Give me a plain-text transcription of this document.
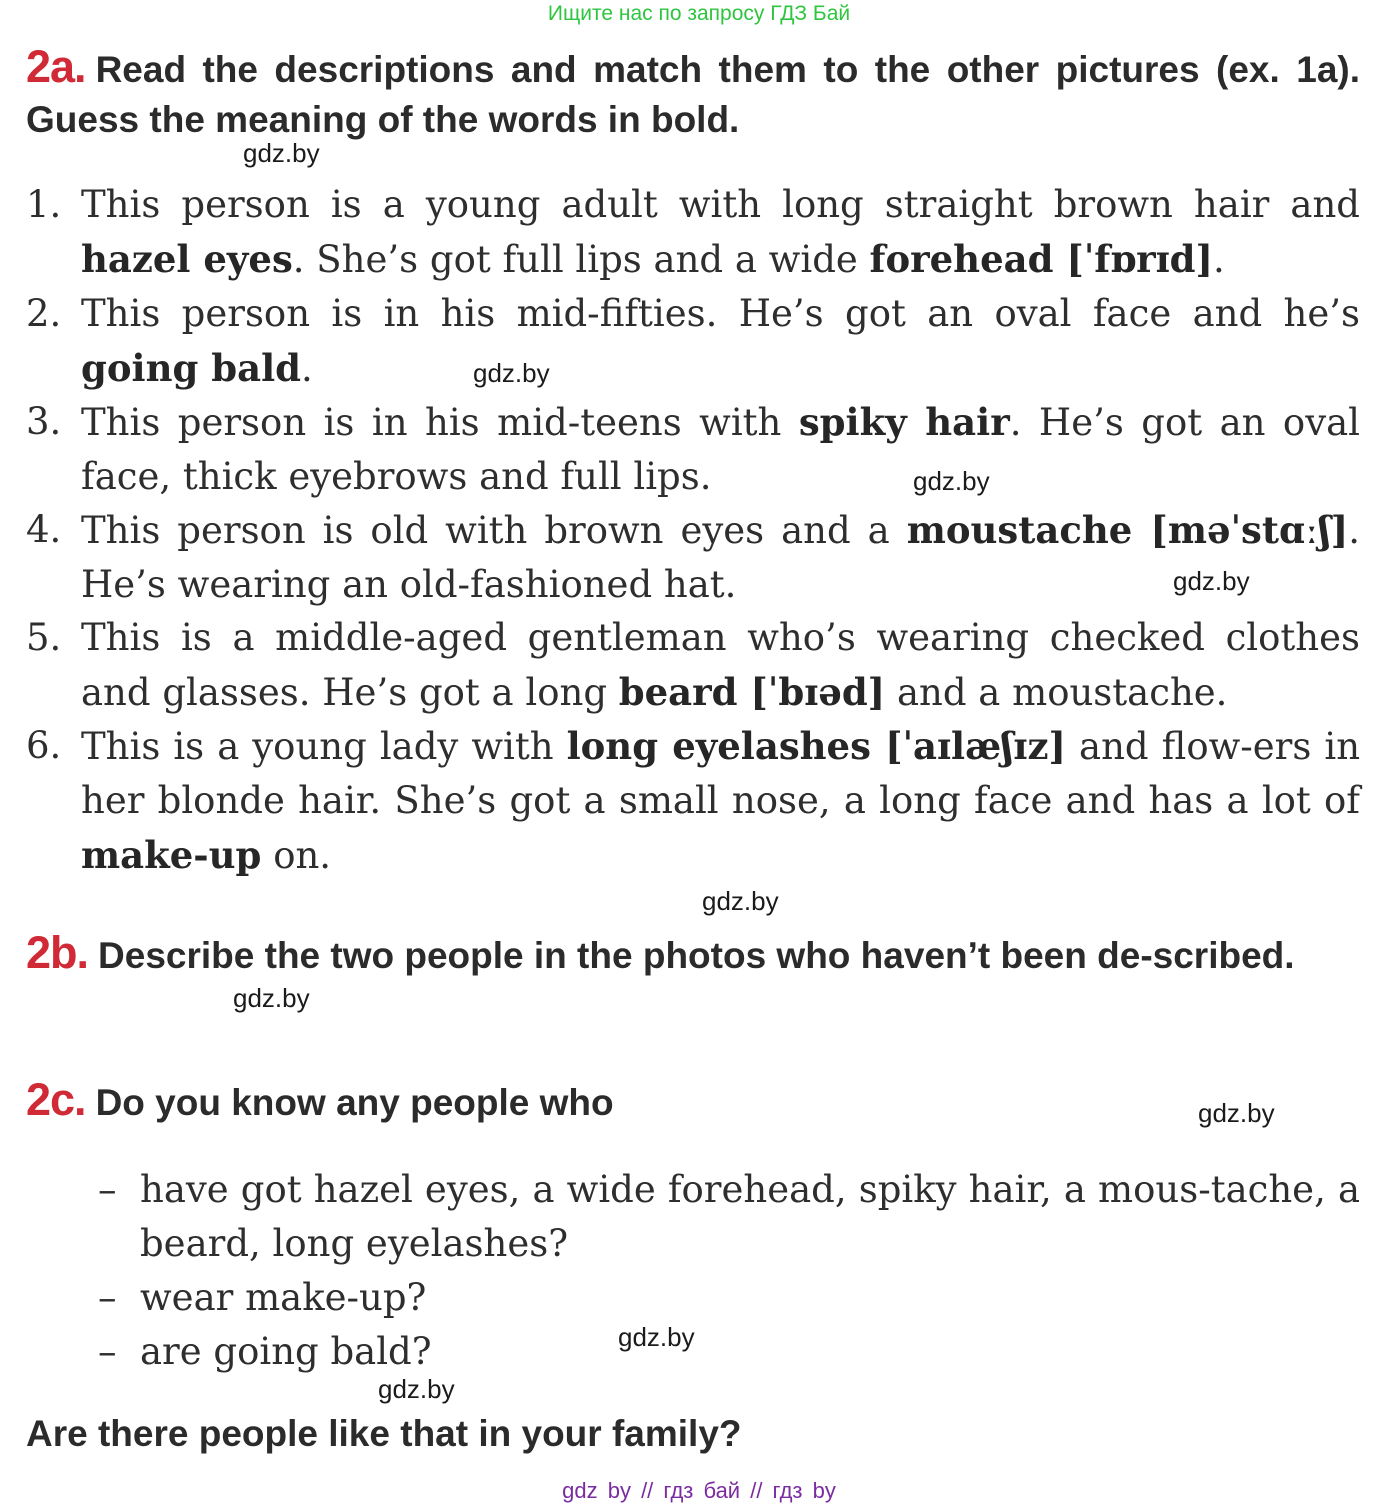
Ищите нас по запросу ГДЗ Бай
2a. Read the descriptions and match them to the other pictures (ex. 1a). Guess the meaning of the words in bold.
1. This person is a young adult with long straight brown hair and hazel eyes. She’s got full lips and a wide forehead [ˈfɒrɪd].
2. This person is in his mid-fifties. He’s got an oval face and he’s going bald.
3. This person is in his mid-teens with spiky hair. He’s got an oval face, thick eyebrows and full lips.
4. This person is old with brown eyes and a moustache [məˈstɑːʃ]. He’s wearing an old-fashioned hat.
5. This is a middle-aged gentleman who’s wearing checked clothes and glasses. He’s got a long beard [ˈbɪəd] and a moustache.
6. This is a young lady with long eyelashes [ˈaɪlæʃɪz] and flow-ers in her blonde hair. She’s got a small nose, a long face and has a lot of make-up on.
2b. Describe the two people in the photos who haven’t been de-scribed.
2c. Do you know any people who
– have got hazel eyes, a wide forehead, spiky hair, a mous-tache, a beard, long eyelashes?
– wear make-up?
– are going bald?
Are there people like that in your family?
gdz.by
gdz.by
gdz.by
gdz.by
gdz.by
gdz.by
gdz.by
gdz.by
gdz.by
gdz by // гдз бай // гдз by
